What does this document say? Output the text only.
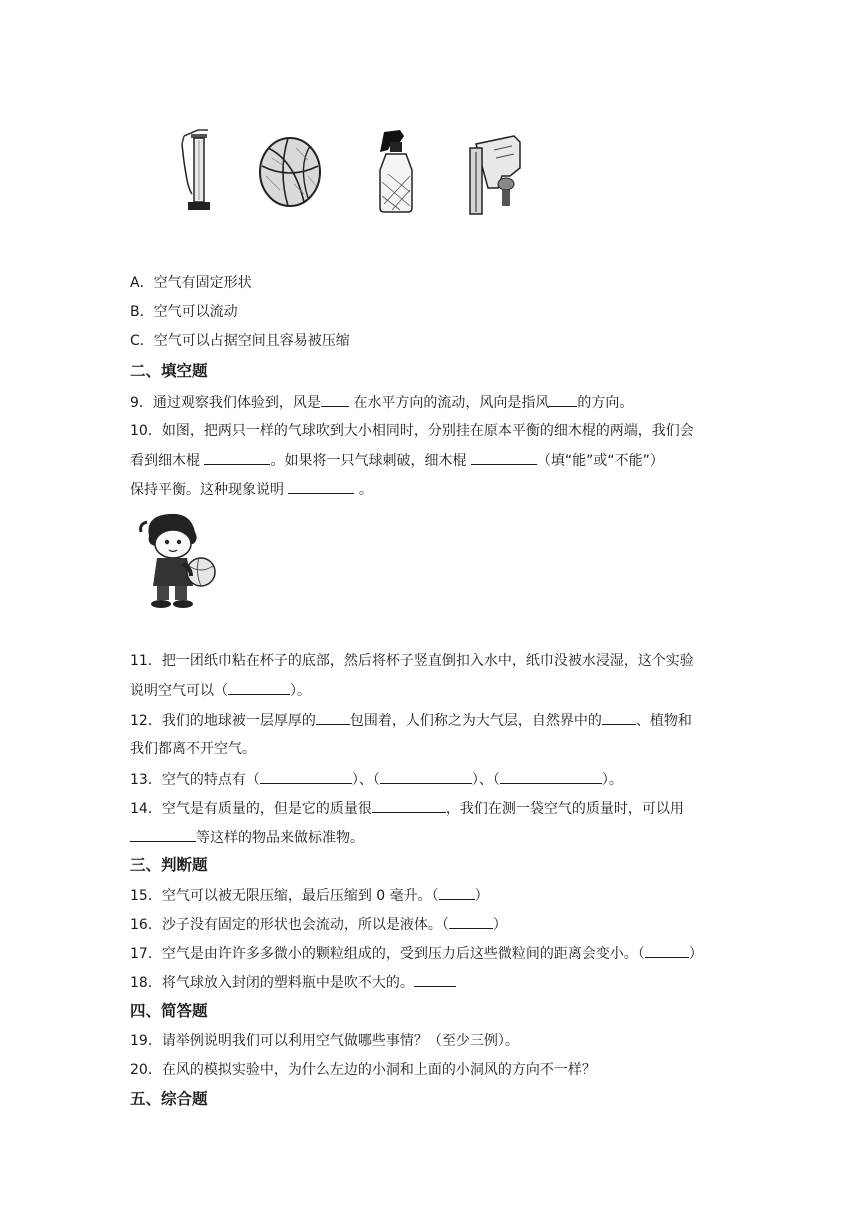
A．空气有固定形状
B．空气可以流动
C．空气可以占据空间且容易被压缩
二、填空题
9．通过观察我们体验到，风是 在水平方向的流动，风向是指风 的方向。
10．如图，把两只一样的气球吹到大小相同时，分别挂在原本平衡的细木棍的两端，我们会
看到细木棍	。如果将一只气球刺破，细木棍	（填“能”或“不能”）
保持平衡。这种现象说明	。
11．把一团纸巾粘在杯子的底部，然后将杯子竖直倒扣入水中，纸巾没被水浸湿，这个实验
说明空气可以（	）。
12．我们的地球被一层厚厚的 包围着，人们称之为大气层，自然界中的 、植物和
我们都离不开空气。
13．空气的特点有（	）、（	）、（	）。
14．空气是有质量的，但是它的质量很	，我们在测一袋空气的质量时，可以用
等这样的物品来做标准物。
三、判断题
15．空气可以被无限压缩，最后压缩到 0 毫升。（	）
16．沙子没有固定的形状也会流动，所以是液体。（	）
17．空气是由许许多多微小的颗粒组成的，受到压力后这些微粒间的距离会变小。（	）
18．将气球放入封闭的塑料瓶中是吹不大的。
四、简答题
19．请举例说明我们可以利用空气做哪些事情？（至少三例）。
20．在风的模拟实验中，为什么左边的小洞和上面的小洞风的方向不一样？
五、综合题
